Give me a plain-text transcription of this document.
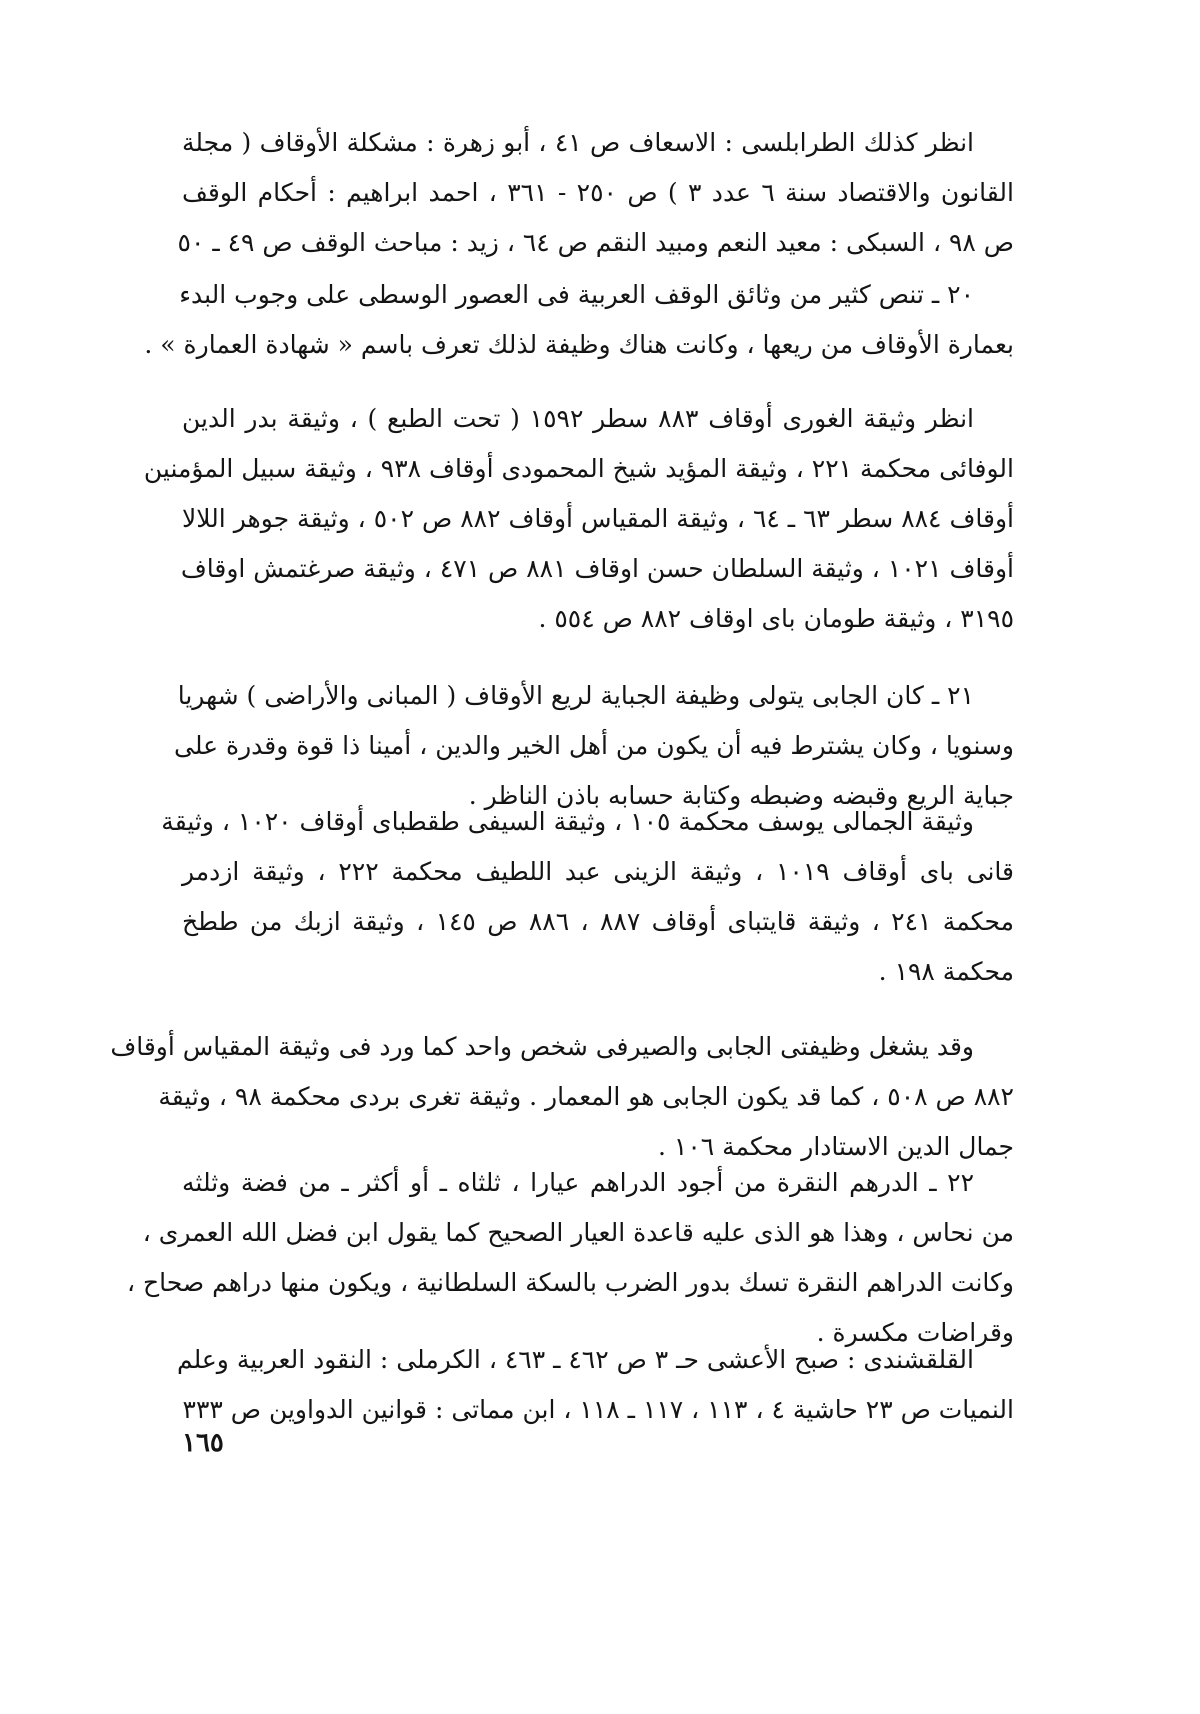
انظر كذلك الطرابلسى : الاسعاف ص ٤١ ، أبو زهرة : مشكلة الأوقاف ( مجلة
القانون والاقتصاد سنة ٦ عدد ٣ ) ص ٢٥٠ - ٣٦١ ، احمد ابراهيم : أحكام الوقف
ص ٩٨ ، السبكى : معيد النعم ومبيد النقم ص ٦٤ ، زيد : مباحث الوقف ص ٤٩ ـ ٥٠
٢٠ ـ تنص كثير من وثائق الوقف العربية فى العصور الوسطى على وجوب البدء
بعمارة الأوقاف من ريعها ، وكانت هناك وظيفة لذلك تعرف باسم « شهادة العمارة » .
انظر وثيقة الغورى أوقاف ٨٨٣ سطر ١٥٩٢ ( تحت الطبع ) ، وثيقة بدر الدين
الوفائى محكمة ٢٢١ ، وثيقة المؤيد شيخ المحمودى أوقاف ٩٣٨ ، وثيقة سبيل المؤمنين
أوقاف ٨٨٤ سطر ٦٣ ـ ٦٤ ، وثيقة المقياس أوقاف ٨٨٢ ص ٥٠٢ ، وثيقة جوهر اللالا
أوقاف ١٠٢١ ، وثيقة السلطان حسن اوقاف ٨٨١ ص ٤٧١ ، وثيقة صرغتمش اوقاف
٣١٩٥ ، وثيقة طومان باى اوقاف ٨٨٢ ص ٥٥٤ .
٢١ ـ كان الجابى يتولى وظيفة الجباية لريع الأوقاف ( المبانى والأراضى ) شهريا
وسنويا ، وكان يشترط فيه أن يكون من أهل الخير والدين ، أمينا ذا قوة وقدرة على
جباية الريع وقبضه وضبطه وكتابة حسابه باذن الناظر .
وثيقة الجمالى يوسف محكمة ١٠٥ ، وثيقة السيفى طقطباى أوقاف ١٠٢٠ ، وثيقة
قانى باى أوقاف ١٠١٩ ، وثيقة الزينى عبد اللطيف محكمة ٢٢٢ ، وثيقة ازدمر
محكمة ٢٤١ ، وثيقة قايتباى أوقاف ٨٨٧ ، ٨٨٦ ص ١٤٥ ، وثيقة ازبك من ططخ
محكمة ١٩٨ .
وقد يشغل وظيفتى الجابى والصيرفى شخص واحد كما ورد فى وثيقة المقياس أوقاف
٨٨٢ ص ٥٠٨ ، كما قد يكون الجابى هو المعمار . وثيقة تغرى بردى محكمة ٩٨ ، وثيقة
جمال الدين الاستادار محكمة ١٠٦ .
٢٢ ـ الدرهم النقرة من أجود الدراهم عيارا ، ثلثاه ـ أو أكثر ـ من فضة وثلثه
من نحاس ، وهذا هو الذى عليه قاعدة العيار الصحيح كما يقول ابن فضل الله العمرى ،
وكانت الدراهم النقرة تسك بدور الضرب بالسكة السلطانية ، ويكون منها دراهم صحاح ،
وقراضات مكسرة .
القلقشندى : صبح الأعشى حـ ٣ ص ٤٦٢ ـ ٤٦٣ ، الكرملى : النقود العربية وعلم
النميات ص ٢٣ حاشية ٤ ، ١١٣ ، ١١٧ ـ ١١٨ ، ابن مماتى : قوانين الدواوين ص ٣٣٣
١٦٥
